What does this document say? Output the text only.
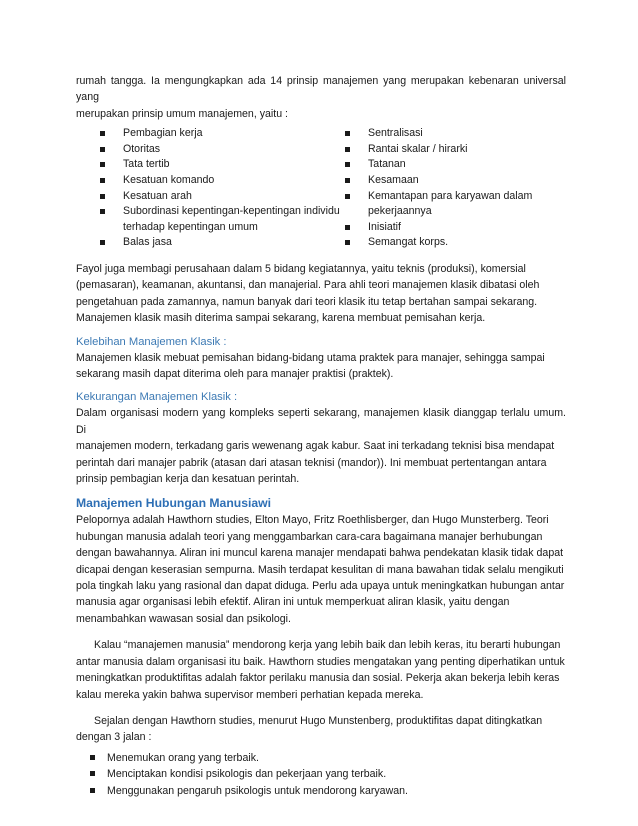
rumah tangga. Ia mengungkapkan ada 14 prinsip manajemen yang merupakan kebenaran universal yang
merupakan prinsip umum manajemen, yaitu :

Pembagian kerja
Otoritas
Tata tertib
Kesatuan komando
Kesatuan arah
Subordinasi kepentingan-kepentingan individu terhadap kepentingan umum
Balas jasa
Sentralisasi
Rantai skalar / hirarki
Tatanan
Kesamaan
Kemantapan para karyawan dalam pekerjaannya
Inisiatif
Semangat korps.

Fayol juga membagi perusahaan dalam 5 bidang kegiatannya, yaitu teknis (produksi), komersial
(pemasaran), keamanan, akuntansi, dan manajerial. Para ahli teori manajemen klasik dibatasi oleh
pengetahuan pada zamannya, namun banyak dari teori klasik itu tetap bertahan sampai sekarang.
Manajemen klasik masih diterima sampai sekarang, karena membuat pemisahan kerja.

Kelebihan Manajemen Klasik :

Manajemen klasik mebuat pemisahan bidang-bidang utama praktek para manajer, sehingga sampai
sekarang masih dapat diterima oleh para manajer praktisi (praktek).

Kekurangan Manajemen Klasik :

Dalam organisasi modern yang kompleks seperti sekarang, manajemen klasik dianggap terlalu umum. Di
manajemen modern, terkadang garis wewenang agak kabur. Saat ini terkadang teknisi bisa mendapat
perintah dari manajer pabrik (atasan dari atasan teknisi (mandor)). Ini membuat pertentangan antara
prinsip pembagian kerja dan kesatuan perintah.

Manajemen Hubungan Manusiawi

Pelopornya adalah Hawthorn studies, Elton Mayo, Fritz Roethlisberger, dan Hugo Munsterberg. Teori
hubungan manusia adalah teori yang menggambarkan cara-cara bagaimana manajer berhubungan
dengan bawahannya. Aliran ini muncul karena manajer mendapati bahwa pendekatan klasik tidak dapat
dicapai dengan keserasian sempurna. Masih terdapat kesulitan di mana bawahan tidak selalu mengikuti
pola tingkah laku yang rasional dan dapat diduga. Perlu ada upaya untuk meningkatkan hubungan antar
manusia agar organisasi lebih efektif. Aliran ini untuk memperkuat aliran klasik, yaitu dengan
menambahkan wawasan sosial dan psikologi.

Kalau “manajemen manusia” mendorong kerja yang lebih baik dan lebih keras, itu berarti hubungan
antar manusia dalam organisasi itu baik. Hawthorn studies mengatakan yang penting diperhatikan untuk
meningkatkan produktifitas adalah faktor perilaku manusia dan sosial. Pekerja akan bekerja lebih keras
kalau mereka yakin bahwa supervisor memberi perhatian kepada mereka.

Sejalan dengan Hawthorn studies, menurut Hugo Munstenberg, produktifitas dapat ditingkatkan
dengan 3 jalan :

Menemukan orang yang terbaik.
Menciptakan kondisi psikologis dan pekerjaan yang terbaik.
Menggunakan pengaruh psikologis untuk mendorong karyawan.
